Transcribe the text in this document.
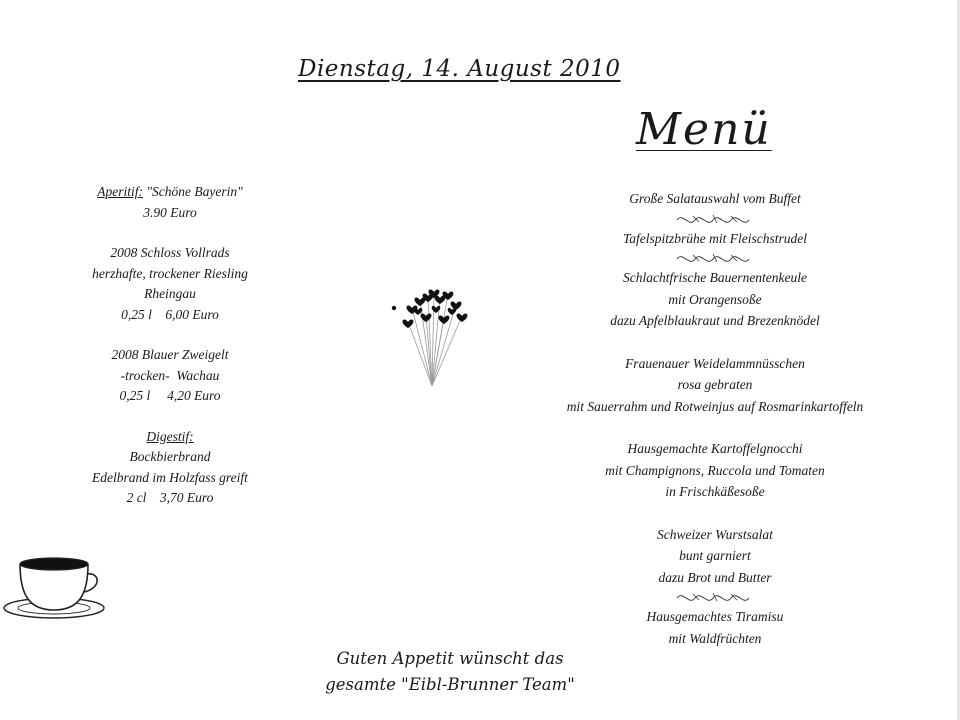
Dienstag, 14. August 2010
Menü
Aperitif: "Schöne Bayerin"
3.90 Euro
2008 Schloss Vollrads
herzhafte, trockener Riesling
Rheingau
0,25 l    6,00 Euro
2008 Blauer Zweigelt
-trocken-  Wachau
0,25 l     4,20 Euro
Digestif:
Bockbierbrand
Edelbrand im Holzfass greift
2 cl    3,70 Euro
Große Salatauswahl vom Buffet
Tafelspitzbrühe mit Fleischstrudel
Schlachtfrische Bauernentenkeule
mit Orangensoße
dazu Apfelblaukraut und Brezenknödel
Frauenauer Weidelammnüsschen
rosa gebraten
mit Sauerrahm und Rotweinjus auf Rosmarinkartoffeln
Hausgemachte Kartoffelgnocchi
mit Champignons, Ruccola und Tomaten
in Frischkäßesoße
Schweizer Wurstsalat
bunt garniert
dazu Brot und Butter
Hausgemachtes Tiramisu
mit Waldfrüchten
Guten Appetit wünscht das
gesamte "Eibl-Brunner Team"
